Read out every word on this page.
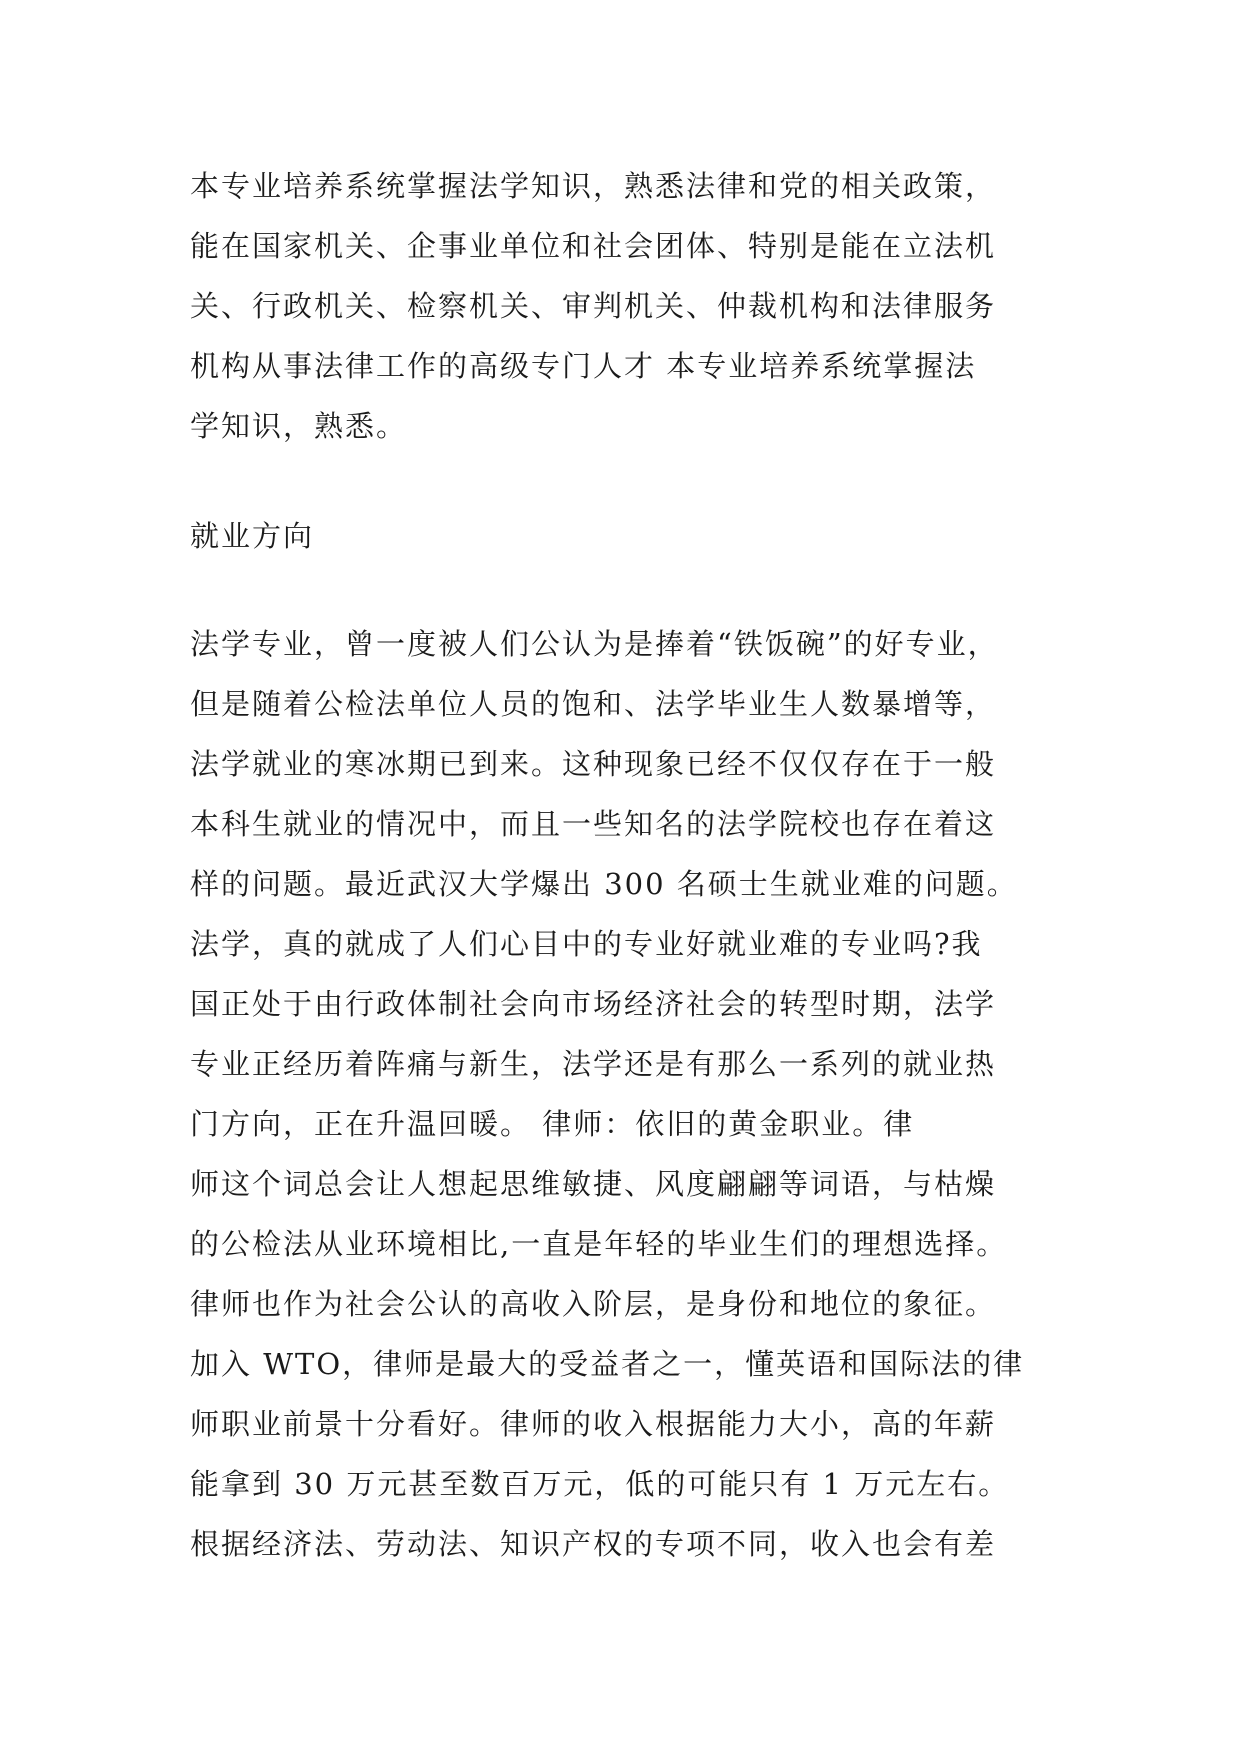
本专业培养系统掌握法学知识，熟悉法律和党的相关政策，
能在国家机关、企事业单位和社会团体、特别是能在立法机
关、行政机关、检察机关、审判机关、仲裁机构和法律服务
机构从事法律工作的高级专门人才 本专业培养系统掌握法
学知识，熟悉。
就业方向
法学专业，曾一度被人们公认为是捧着“铁饭碗”的好专业，
但是随着公检法单位人员的饱和、法学毕业生人数暴增等，
法学就业的寒冰期已到来。这种现象已经不仅仅存在于一般
本科生就业的情况中，而且一些知名的法学院校也存在着这
样的问题。最近武汉大学爆出 300 名硕士生就业难的问题。
法学，真的就成了人们心目中的专业好就业难的专业吗?我
国正处于由行政体制社会向市场经济社会的转型时期，法学
专业正经历着阵痛与新生，法学还是有那么一系列的就业热
门方向，正在升温回暖。 律师：依旧的黄金职业。律
师这个词总会让人想起思维敏捷、风度翩翩等词语，与枯燥
的公检法从业环境相比,一直是年轻的毕业生们的理想选择。
律师也作为社会公认的高收入阶层，是身份和地位的象征。
加入 WTO，律师是最大的受益者之一，懂英语和国际法的律
师职业前景十分看好。律师的收入根据能力大小，高的年薪
能拿到 30 万元甚至数百万元，低的可能只有 1 万元左右。
根据经济法、劳动法、知识产权的专项不同，收入也会有差
